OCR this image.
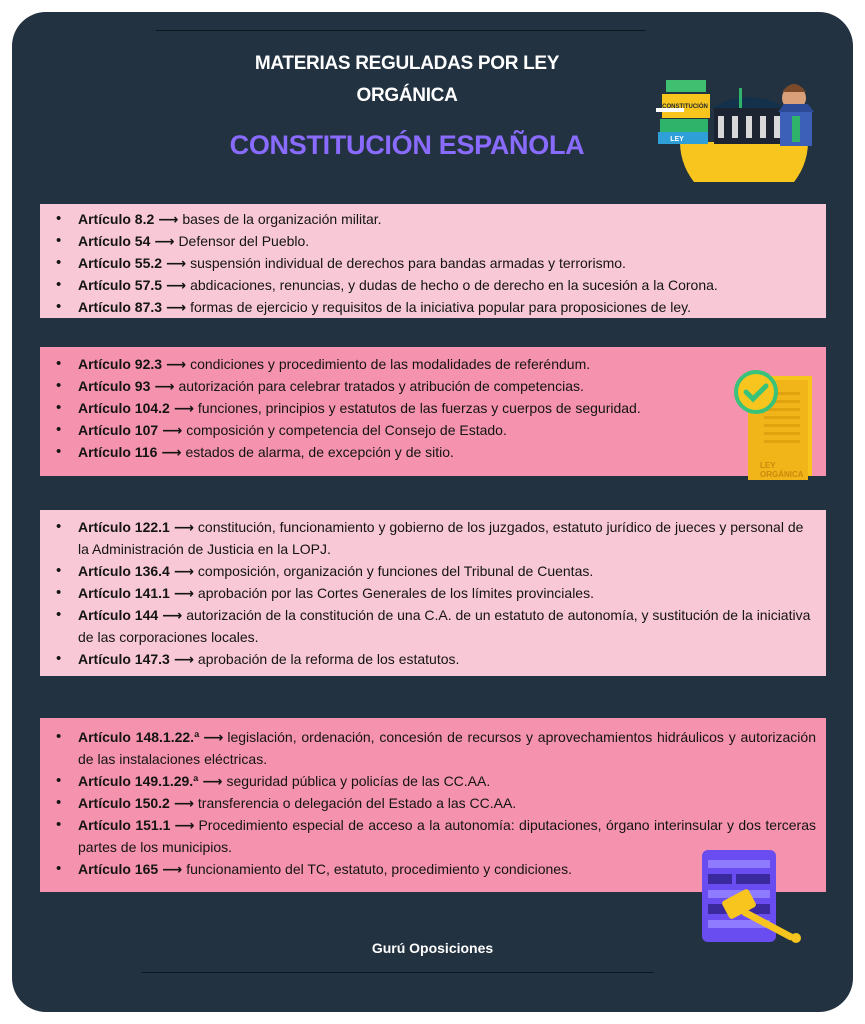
MATERIAS REGULADAS POR LEY
ORGÁNICA
CONSTITUCIÓN ESPAÑOLA
CONSTITUCIÓN
LEY
• Artículo 8.2 ⟶ bases de la organización militar.
• Artículo 54 ⟶ Defensor del Pueblo.
• Artículo 55.2 ⟶ suspensión individual de derechos para bandas armadas y terrorismo.
• Artículo 57.5 ⟶ abdicaciones, renuncias, y dudas de hecho o de derecho en la sucesión a la Corona.
• Artículo 87.3 ⟶ formas de ejercicio y requisitos de la iniciativa popular para proposiciones de ley.
• Artículo 92.3 ⟶ condiciones y procedimiento de las modalidades de referéndum.
• Artículo 93 ⟶ autorización para celebrar tratados y atribución de competencias.
• Artículo 104.2 ⟶ funciones, principios y estatutos de las fuerzas y cuerpos de seguridad.
• Artículo 107 ⟶ composición y competencia del Consejo de Estado.
• Artículo 116 ⟶ estados de alarma, de excepción y de sitio.
LEY
ORGÁNICA
• Artículo 122.1 ⟶ constitución, funcionamiento y gobierno de los juzgados, estatuto jurídico de jueces y personal de la Administración de Justicia en la LOPJ.
• Artículo 136.4 ⟶ composición, organización y funciones del Tribunal de Cuentas.
• Artículo 141.1 ⟶ aprobación por las Cortes Generales de los límites provinciales.
• Artículo 144 ⟶ autorización de la constitución de una C.A. de un estatuto de autonomía, y sustitución de la iniciativa de las corporaciones locales.
• Artículo 147.3 ⟶ aprobación de la reforma de los estatutos.
• Artículo 148.1.22.ª ⟶ legislación, ordenación, concesión de recursos y aprovechamientos hidráulicos y autorización de las instalaciones eléctricas.
• Artículo 149.1.29.ª ⟶ seguridad pública y policías de las CC.AA.
• Artículo 150.2 ⟶ transferencia o delegación del Estado a las CC.AA.
• Artículo 151.1 ⟶ Procedimiento especial de acceso a la autonomía: diputaciones, órgano interinsular y dos terceras partes de los municipios.
• Artículo 165 ⟶ funcionamiento del TC, estatuto, procedimiento y condiciones.
Gurú Oposiciones
